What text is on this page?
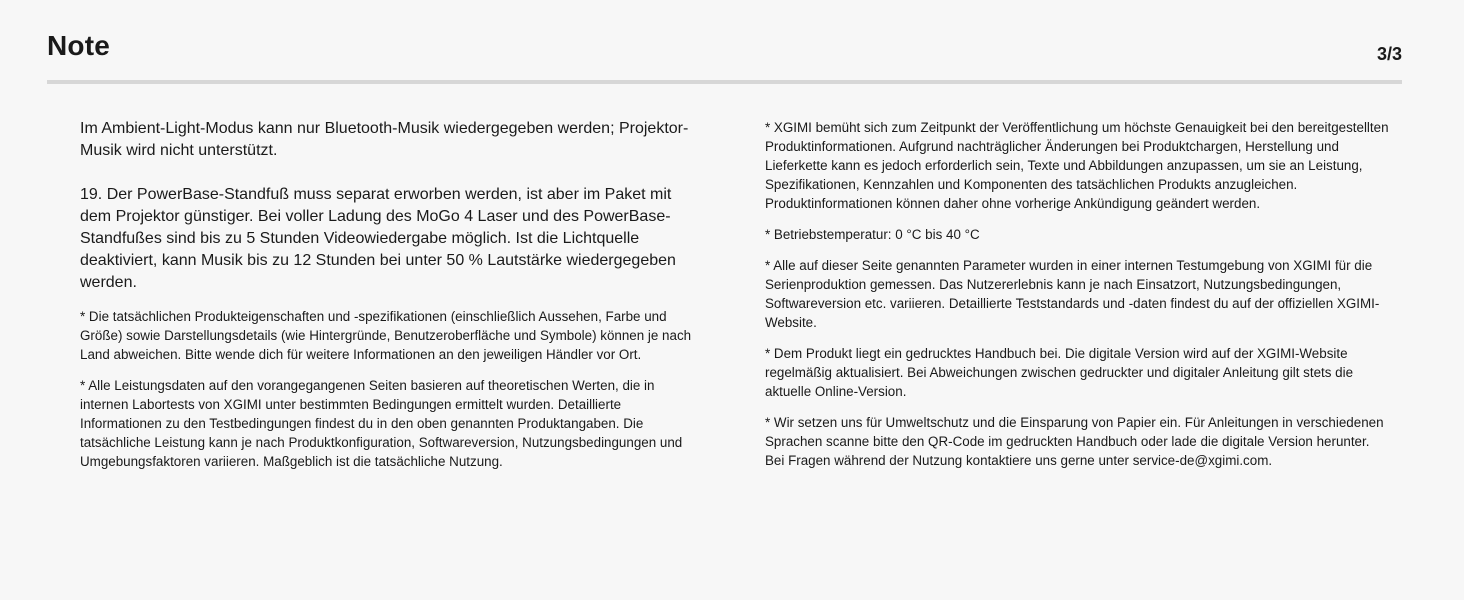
Note	3/3

Im Ambient-Light-Modus kann nur Bluetooth-Musik wiedergegeben werden; Projektor-Musik wird nicht unterstützt.

19. Der PowerBase-Standfuß muss separat erworben werden, ist aber im Paket mit dem Projektor günstiger. Bei voller Ladung des MoGo 4 Laser und des PowerBase-Standfußes sind bis zu 5 Stunden Videowiedergabe möglich. Ist die Lichtquelle deaktiviert, kann Musik bis zu 12 Stunden bei unter 50 % Lautstärke wiedergegeben werden.

* Die tatsächlichen Produkteigenschaften und -spezifikationen (einschließlich Aussehen, Farbe und Größe) sowie Darstellungsdetails (wie Hintergründe, Benutzeroberfläche und Symbole) können je nach Land abweichen. Bitte wende dich für weitere Informationen an den jeweiligen Händler vor Ort.

* Alle Leistungsdaten auf den vorangegangenen Seiten basieren auf theoretischen Werten, die in internen Labortests von XGIMI unter bestimmten Bedingungen ermittelt wurden. Detaillierte Informationen zu den Testbedingungen findest du in den oben genannten Produktangaben. Die tatsächliche Leistung kann je nach Produktkonfiguration, Softwareversion, Nutzungsbedingungen und Umgebungsfaktoren variieren. Maßgeblich ist die tatsächliche Nutzung.

* XGIMI bemüht sich zum Zeitpunkt der Veröffentlichung um höchste Genauigkeit bei den bereitgestellten Produktinformationen. Aufgrund nachträglicher Änderungen bei Produktchargen, Herstellung und Lieferkette kann es jedoch erforderlich sein, Texte und Abbildungen anzupassen, um sie an Leistung, Spezifikationen, Kennzahlen und Komponenten des tatsächlichen Produkts anzugleichen. Produktinformationen können daher ohne vorherige Ankündigung geändert werden.

* Betriebstemperatur: 0 °C bis 40 °C

* Alle auf dieser Seite genannten Parameter wurden in einer internen Testumgebung von XGIMI für die Serienproduktion gemessen. Das Nutzererlebnis kann je nach Einsatzort, Nutzungsbedingungen, Softwareversion etc. variieren. Detaillierte Teststandards und -daten findest du auf der offiziellen XGIMI-Website.

* Dem Produkt liegt ein gedrucktes Handbuch bei. Die digitale Version wird auf der XGIMI-Website regelmäßig aktualisiert. Bei Abweichungen zwischen gedruckter und digitaler Anleitung gilt stets die aktuelle Online-Version.

* Wir setzen uns für Umweltschutz und die Einsparung von Papier ein. Für Anleitungen in verschiedenen Sprachen scanne bitte den QR-Code im gedruckten Handbuch oder lade die digitale Version herunter. Bei Fragen während der Nutzung kontaktiere uns gerne unter service-de@xgimi.com.
